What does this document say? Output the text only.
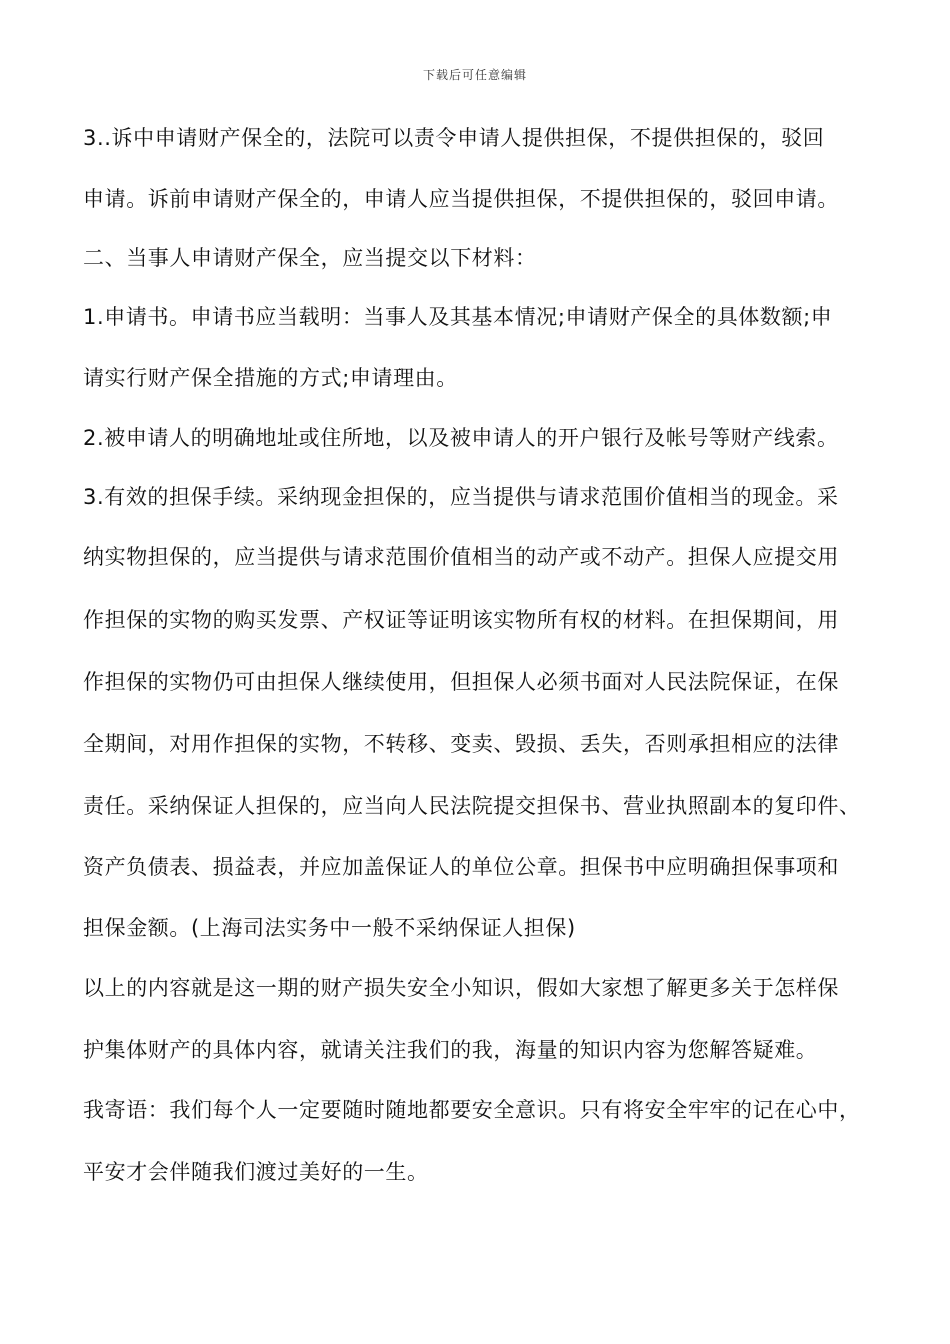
下载后可任意编辑
3..诉中申请财产保全的，法院可以责令申请人提供担保，不提供担保的，驳回
申请。诉前申请财产保全的，申请人应当提供担保，不提供担保的，驳回申请。
二、当事人申请财产保全，应当提交以下材料：
1.申请书。申请书应当载明：当事人及其基本情况;申请财产保全的具体数额;申
请实行财产保全措施的方式;申请理由。
2.被申请人的明确地址或住所地，以及被申请人的开户银行及帐号等财产线索。
3.有效的担保手续。采纳现金担保的，应当提供与请求范围价值相当的现金。采
纳实物担保的，应当提供与请求范围价值相当的动产或不动产。担保人应提交用
作担保的实物的购买发票、产权证等证明该实物所有权的材料。在担保期间，用
作担保的实物仍可由担保人继续使用，但担保人必须书面对人民法院保证，在保
全期间，对用作担保的实物，不转移、变卖、毁损、丢失，否则承担相应的法律
责任。采纳保证人担保的，应当向人民法院提交担保书、营业执照副本的复印件、
资产负债表、损益表，并应加盖保证人的单位公章。担保书中应明确担保事项和
担保金额。(上海司法实务中一般不采纳保证人担保)
以上的内容就是这一期的财产损失安全小知识，假如大家想了解更多关于怎样保
护集体财产的具体内容，就请关注我们的我，海量的知识内容为您解答疑难。
我寄语：我们每个人一定要随时随地都要安全意识。只有将安全牢牢的记在心中，
平安才会伴随我们渡过美好的一生。
